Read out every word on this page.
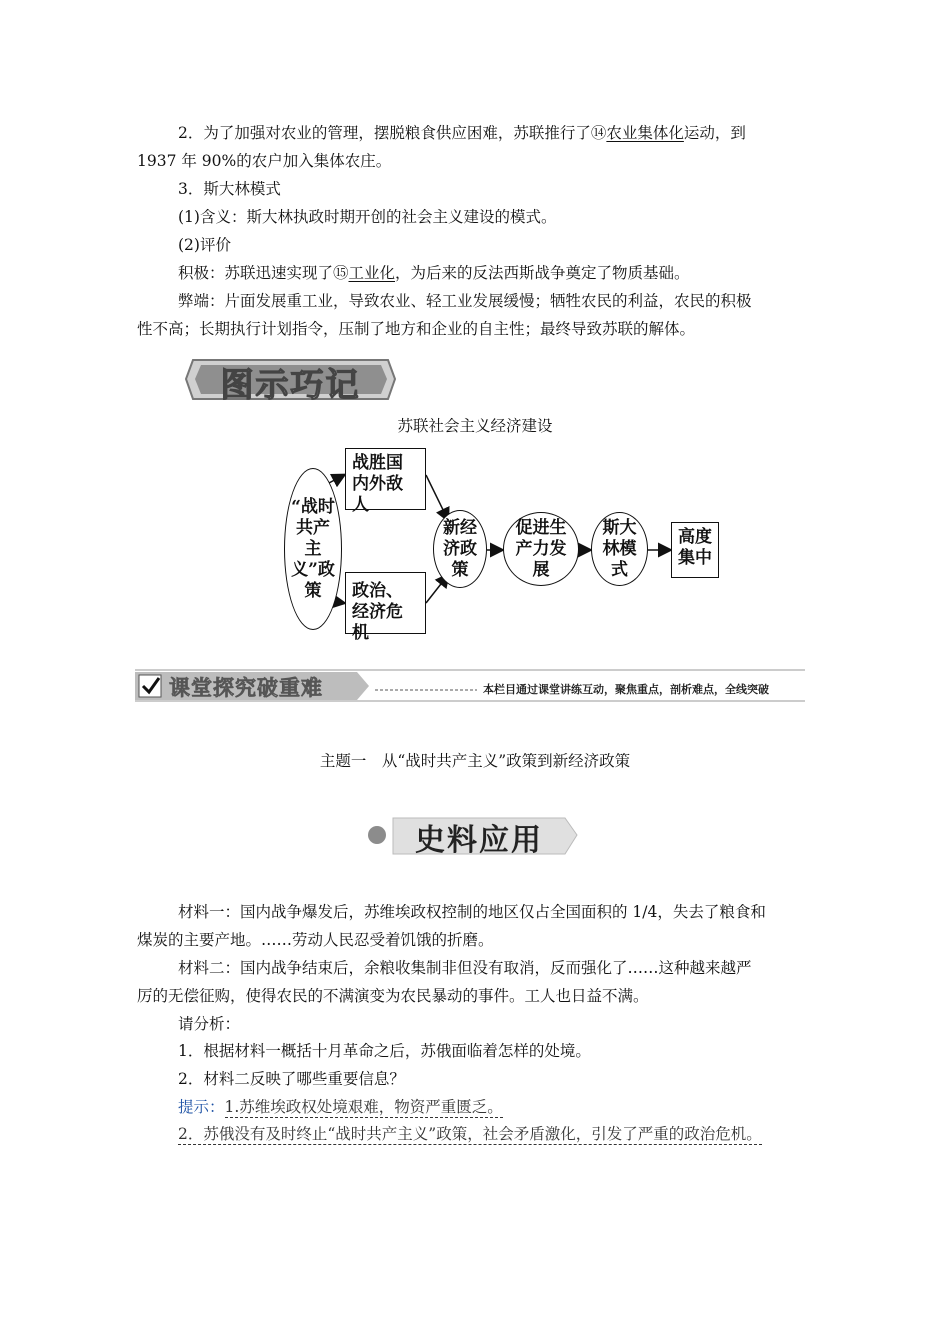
2．为了加强对农业的管理，摆脱粮食供应困难，苏联推行了⑭农业集体化运动，到
1937 年 90%的农户加入集体农庄。
3．斯大林模式
(1)含义：斯大林执政时期开创的社会主义建设的模式。
(2)评价
积极：苏联迅速实现了⑮工业化，为后来的反法西斯战争奠定了物质基础。
弊端：片面发展重工业，导致农业、轻工业发展缓慢；牺牲农民的利益，农民的积极
性不高；长期执行计划指令，压制了地方和企业的自主性；最终导致苏联的解体。
图示巧记
苏联社会主义经济建设
“战时共产主义”政策
战胜国内外敌人
政治、经济危机
新经济政策
促进生产力发展
斯大林模式
高度集中
课堂探究破重难	本栏目通过课堂讲练互动，聚焦重点，剖析难点，全线突破
主题一　从“战时共产主义”政策到新经济政策
史料应用
材料一：国内战争爆发后，苏维埃政权控制的地区仅占全国面积的 1/4，失去了粮食和
煤炭的主要产地。……劳动人民忍受着饥饿的折磨。
材料二：国内战争结束后，余粮收集制非但没有取消，反而强化了……这种越来越严
厉的无偿征购，使得农民的不满演变为农民暴动的事件。工人也日益不满。
请分析：
1．根据材料一概括十月革命之后，苏俄面临着怎样的处境。
2．材料二反映了哪些重要信息？
提示：1.苏维埃政权处境艰难，物资严重匮乏。
2．苏俄没有及时终止“战时共产主义”政策，社会矛盾激化，引发了严重的政治危机。
